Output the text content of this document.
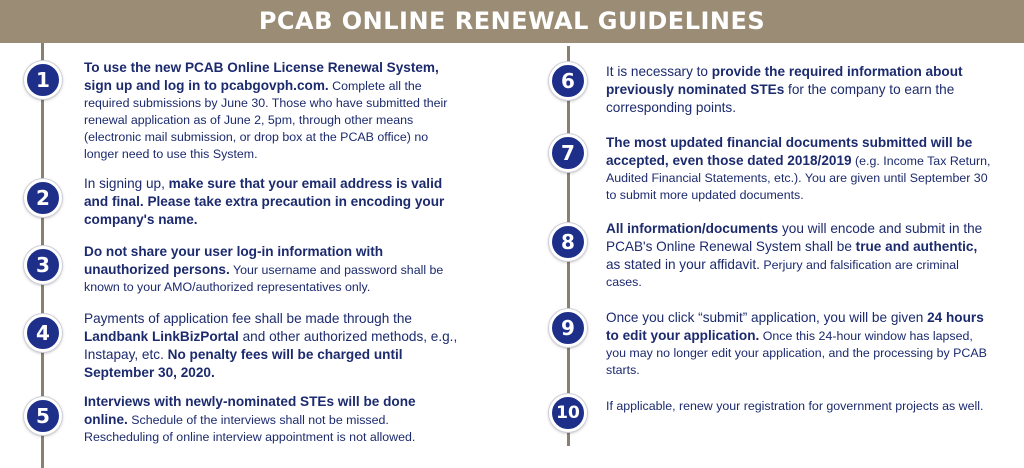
PCAB ONLINE RENEWAL GUIDELINES
1
To use the new PCAB Online License Renewal System, sign up and log in to pcabgovph.com. Complete all the required submissions by June 30. Those who have submitted their renewal application as of June 2, 5pm, through other means (electronic mail submission, or drop box at the PCAB office) no longer need to use this System.
2
In signing up, make sure that your email address is valid and final. Please take extra precaution in encoding your company's name.
3
Do not share your user log-in information with unauthorized persons. Your username and password shall be known to your AMO/authorized representatives only.
4
Payments of application fee shall be made through the Landbank LinkBizPortal and other authorized methods, e.g., Instapay, etc. No penalty fees will be charged until September 30, 2020.
5
Interviews with newly-nominated STEs will be done online. Schedule of the interviews shall not be missed. Rescheduling of online interview appointment is not allowed.
6	It is necessary to provide the required information about previously nominated STEs for the company to earn the corresponding points.
7	The most updated financial documents submitted will be accepted, even those dated 2018/2019 (e.g. Income Tax Return, Audited Financial Statements, etc.). You are given until September 30 to submit more updated documents.
8
All information/documents you will encode and submit in the PCAB's Online Renewal System shall be true and authentic, as stated in your affidavit. Perjury and falsification are criminal cases.
9	Once you click “submit” application, you will be given 24 hours to edit your application. Once this 24-hour window has lapsed, you may no longer edit your application, and the processing by PCAB starts.
10	If applicable, renew your registration for government projects as well.
